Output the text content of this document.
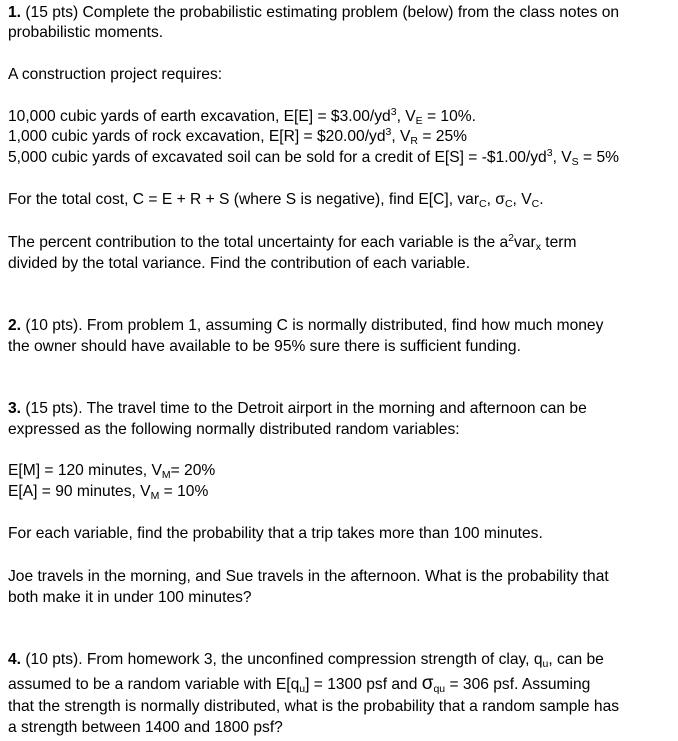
1. (15 pts) Complete the probabilistic estimating problem (below) from the class notes on
probabilistic moments.
A construction project requires:
10,000 cubic yards of earth excavation, $E[E] = \$3.00/yd^3$, $V_E = 10\%$.
1,000 cubic yards of rock excavation, $E[R] = \$20.00/yd^3$, $V_R = 25\%$
5,000 cubic yards of excavated soil can be sold for a credit of $E[S] = -\$1.00/yd^3$, $V_S = 5\%$
For the total cost, C = E + R + S (where S is negative), find E[C], var$_C$, $\sigma_C$, $V_C$.
The percent contribution to the total uncertainty for each variable is the $a^2var_x$ term
divided by the total variance. Find the contribution of each variable.
2. (10 pts). From problem 1, assuming C is normally distributed, find how much money
the owner should have available to be 95% sure there is sufficient funding.
3. (15 pts). The travel time to the Detroit airport in the morning and afternoon can be
expressed as the following normally distributed random variables:
E[M] = 120 minutes, $V_M= 20\%$
E[A] = 90 minutes, $V_M = 10\%$
For each variable, find the probability that a trip takes more than 100 minutes.
Joe travels in the morning, and Sue travels in the afternoon. What is the probability that
both make it in under 100 minutes?
4. (10 pts). From homework 3, the unconfined compression strength of clay, $q_u$, can be
assumed to be a random variable with $E[q_u] = 1300$ psf and $\sigma_{qu} = 306$ psf. Assuming
that the strength is normally distributed, what is the probability that a random sample has
a strength between 1400 and 1800 psf?
